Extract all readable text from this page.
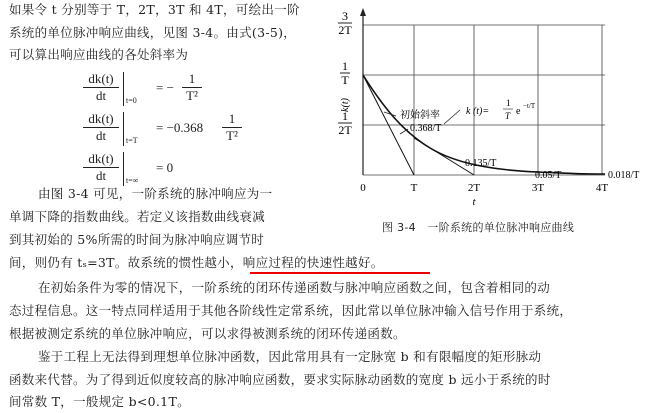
如果令 t 分别等于 T，2T，3T 和 4T，可绘出一阶
系统的单位脉冲响应曲线，见图 3-4。由式(3-5)，
可以算出响应曲线的各处斜率为
dk(t)
dt	t=0
= −
1
T²
dk(t)
dt	t=T
= −0.368
1
T²
dk(t)
dt	t=∞
= 0
由图 3-4 可见，一阶系统的脉冲响应为一
单调下降的指数曲线。若定义该指数曲线衰减
到其初始的 5%所需的时间为脉冲响应调节时
间，则仍有 tₛ=3T。故系统的惯性越小，响应过程的快速性越好。
在初始条件为零的情况下，一阶系统的闭环传递函数与脉冲响应函数之间，包含着相同的动
态过程信息。这一特点同样适用于其他各阶线性定常系统，因此常以单位脉冲输入信号作用于系统，
根据被测定系统的单位脉冲响应，可以求得被测系统的闭环传递函数。
鉴于工程上无法得到理想单位脉冲函数，因此常用具有一定脉宽 b 和有限幅度的矩形脉动
函数来代替。为了得到近似度较高的脉冲响应函数，要求实际脉动函数的宽度 b 远小于系统的时
间常数 T，一般规定 b<0.1T。
3
2T
1
T
1
2T
k(t)
0	T	2T	3T	4T
t
初始斜率
0.368/T
k (t)=
1
T e −t/T
0.135/T
0.05/T	0.018/T
图 3-4　一阶系统的单位脉冲响应曲线
